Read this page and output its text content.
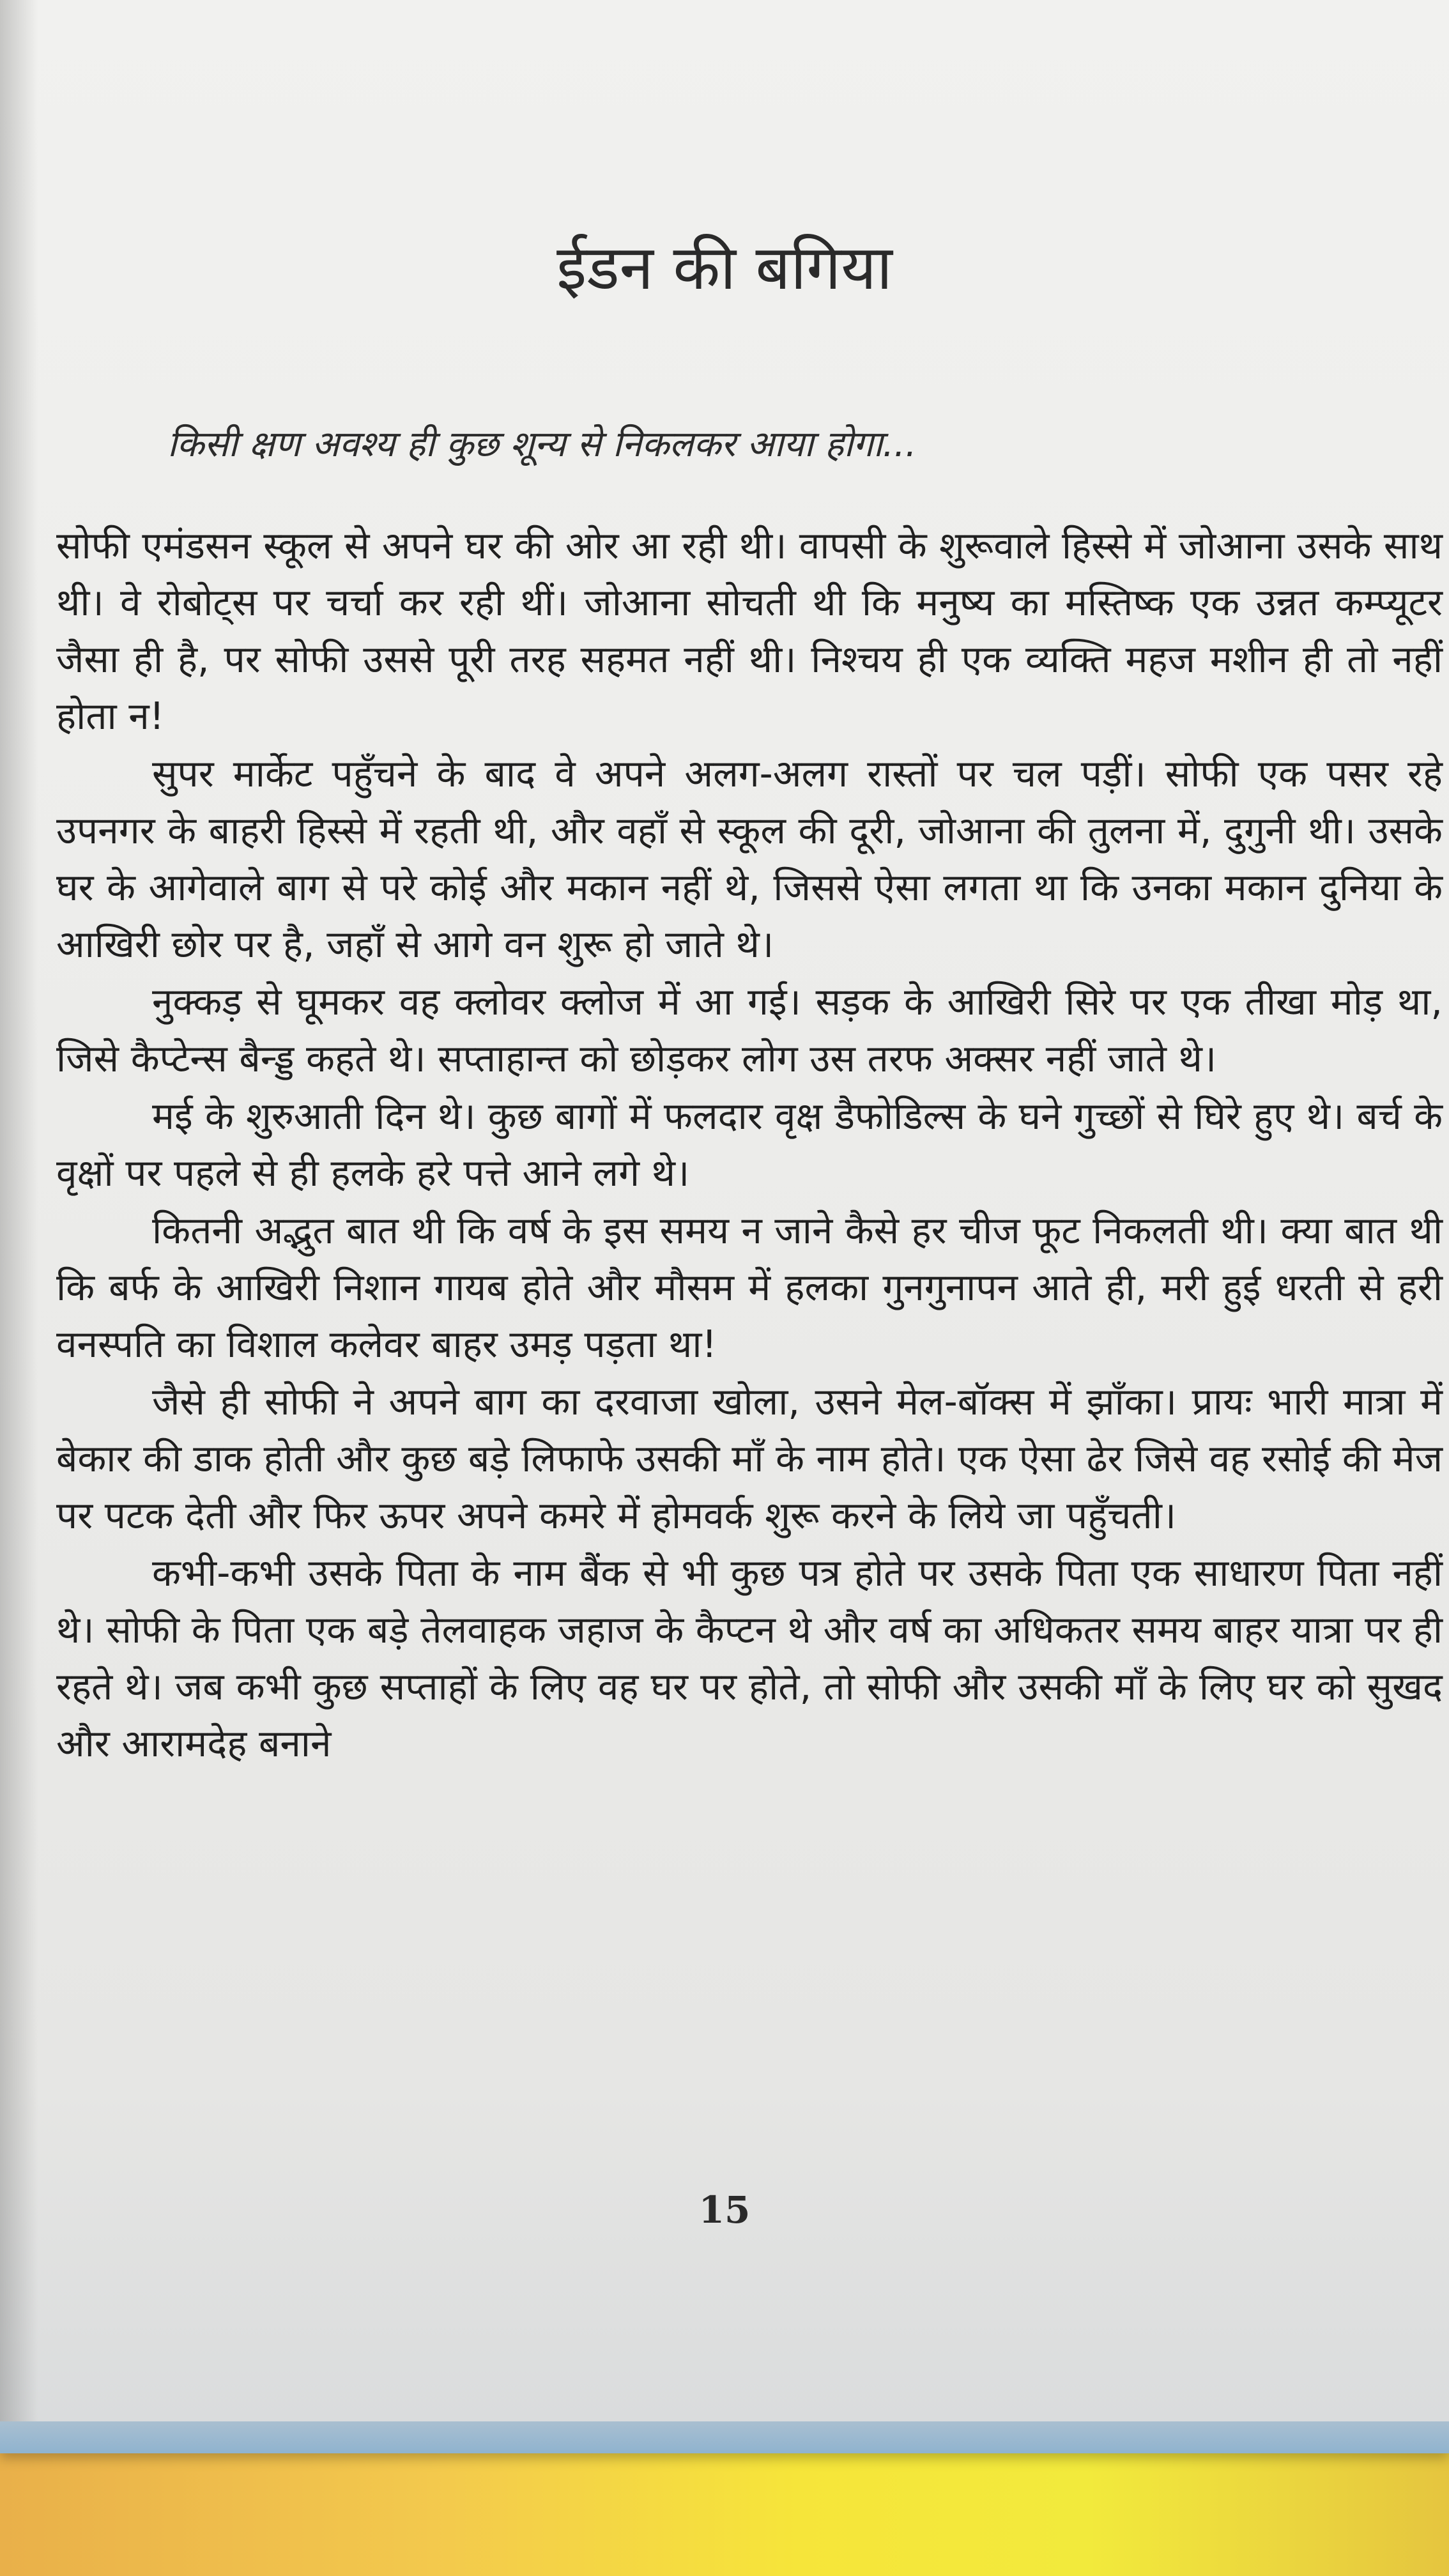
ईडन की बगिया

किसी क्षण अवश्य ही कुछ शून्य से निकलकर आया होगा...

सोफी एमंडसन स्कूल से अपने घर की ओर आ रही थी। वापसी के शुरूवाले हिस्से में जोआना उसके साथ थी। वे रोबोट्स पर चर्चा कर रही थीं। जोआना सोचती थी कि मनुष्य का मस्तिष्क एक उन्नत कम्प्यूटर जैसा ही है, पर सोफी उससे पूरी तरह सहमत नहीं थी। निश्चय ही एक व्यक्ति महज मशीन ही तो नहीं होता न!

सुपर मार्केट पहुँचने के बाद वे अपने अलग-अलग रास्तों पर चल पड़ीं। सोफी एक पसर रहे उपनगर के बाहरी हिस्से में रहती थी, और वहाँ से स्कूल की दूरी, जोआना की तुलना में, दुगुनी थी। उसके घर के आगेवाले बाग से परे कोई और मकान नहीं थे, जिससे ऐसा लगता था कि उनका मकान दुनिया के आखिरी छोर पर है, जहाँ से आगे वन शुरू हो जाते थे।

नुक्कड़ से घूमकर वह क्लोवर क्लोज में आ गई। सड़क के आखिरी सिरे पर एक तीखा मोड़ था, जिसे कैप्टेन्स बैन्ड्ड कहते थे। सप्ताहान्त को छोड़कर लोग उस तरफ अक्सर नहीं जाते थे।

मई के शुरुआती दिन थे। कुछ बागों में फलदार वृक्ष डैफोडिल्स के घने गुच्छों से घिरे हुए थे। बर्च के वृक्षों पर पहले से ही हलके हरे पत्ते आने लगे थे।

कितनी अद्भुत बात थी कि वर्ष के इस समय न जाने कैसे हर चीज फूट निकलती थी। क्या बात थी कि बर्फ के आखिरी निशान गायब होते और मौसम में हलका गुनगुनापन आते ही, मरी हुई धरती से हरी वनस्पति का विशाल कलेवर बाहर उमड़ पड़ता था!

जैसे ही सोफी ने अपने बाग का दरवाजा खोला, उसने मेल-बॉक्स में झाँका। प्रायः भारी मात्रा में बेकार की डाक होती और कुछ बड़े लिफाफे उसकी माँ के नाम होते। एक ऐसा ढेर जिसे वह रसोई की मेज पर पटक देती और फिर ऊपर अपने कमरे में होमवर्क शुरू करने के लिये जा पहुँचती।

कभी-कभी उसके पिता के नाम बैंक से भी कुछ पत्र होते पर उसके पिता एक साधारण पिता नहीं थे। सोफी के पिता एक बड़े तेलवाहक जहाज के कैप्टन थे और वर्ष का अधिकतर समय बाहर यात्रा पर ही रहते थे। जब कभी कुछ सप्ताहों के लिए वह घर पर होते, तो सोफी और उसकी माँ के लिए घर को सुखद और आरामदेह बनाने

15
